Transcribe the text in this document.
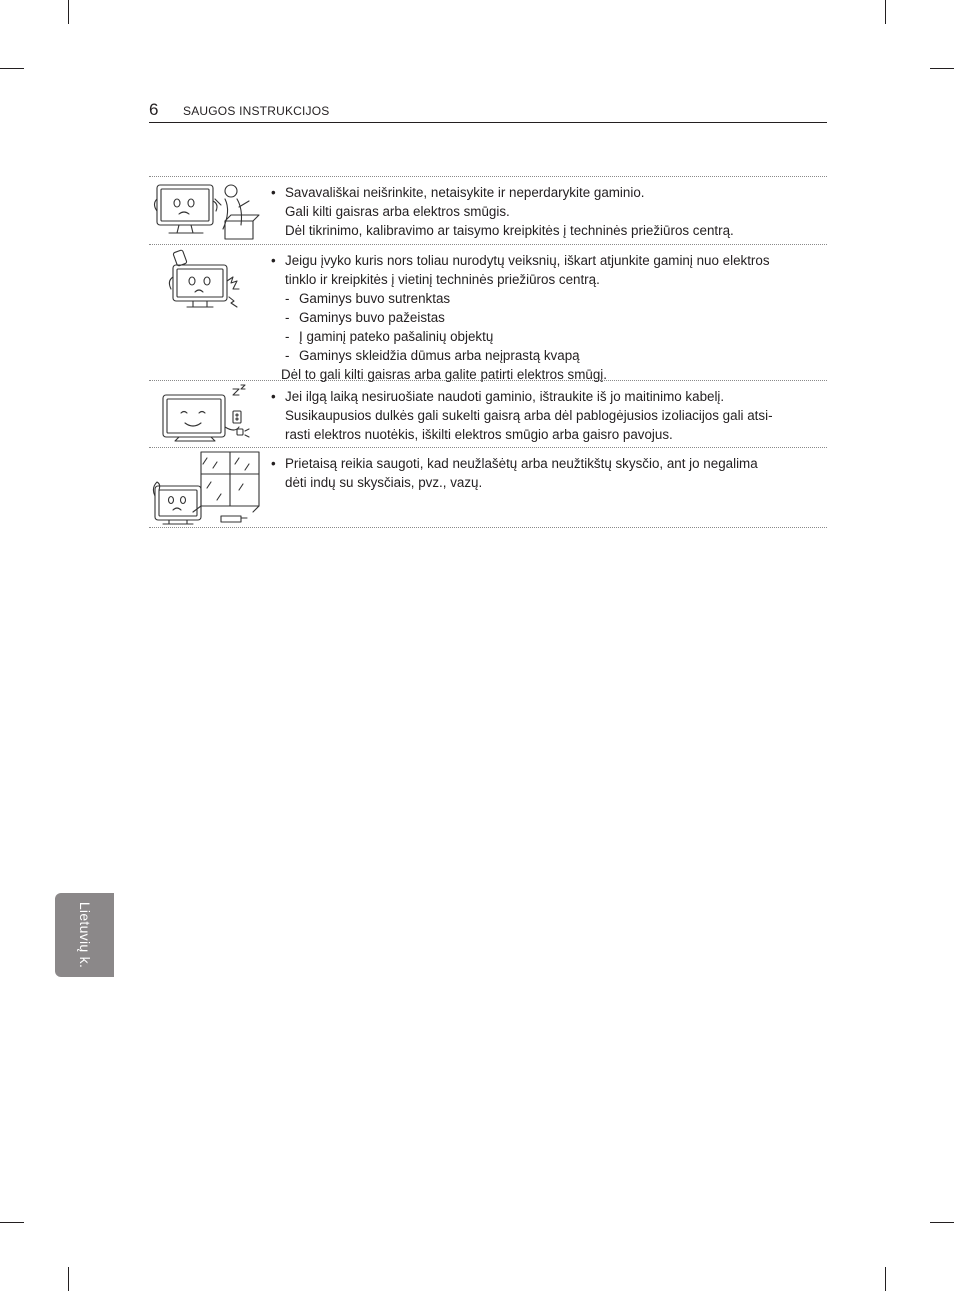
6 SAUGOS INSTRUKCIJOS
• Savavališkai neišrinkite, netaisykite ir neperdarykite gaminio.
Gali kilti gaisras arba elektros smūgis.
Dėl tikrinimo, kalibravimo ar taisymo kreipkitės į techninės priežiūros centrą.
• Jeigu įvyko kuris nors toliau nurodytų veiksnių, iškart atjunkite gaminį nuo elektros
tinklo ir kreipkitės į vietinį techninės priežiūros centrą.
- Gaminys buvo sutrenktas
- Gaminys buvo pažeistas
- Į gaminį pateko pašalinių objektų
- Gaminys skleidžia dūmus arba neįprastą kvapą
Dėl to gali kilti gaisras arba galite patirti elektros smūgį.
• Jei ilgą laiką nesiruošiate naudoti gaminio, ištraukite iš jo maitinimo kabelį.
Susikaupusios dulkės gali sukelti gaisrą arba dėl pablogėjusios izoliacijos gali atsi-
rasti elektros nuotėkis, iškilti elektros smūgio arba gaisro pavojus.
• Prietaisą reikia saugoti, kad neužlašėtų arba neužtikštų skysčio, ant jo negalima
dėti indų su skysčiais, pvz., vazų.
Lietuvių k.
